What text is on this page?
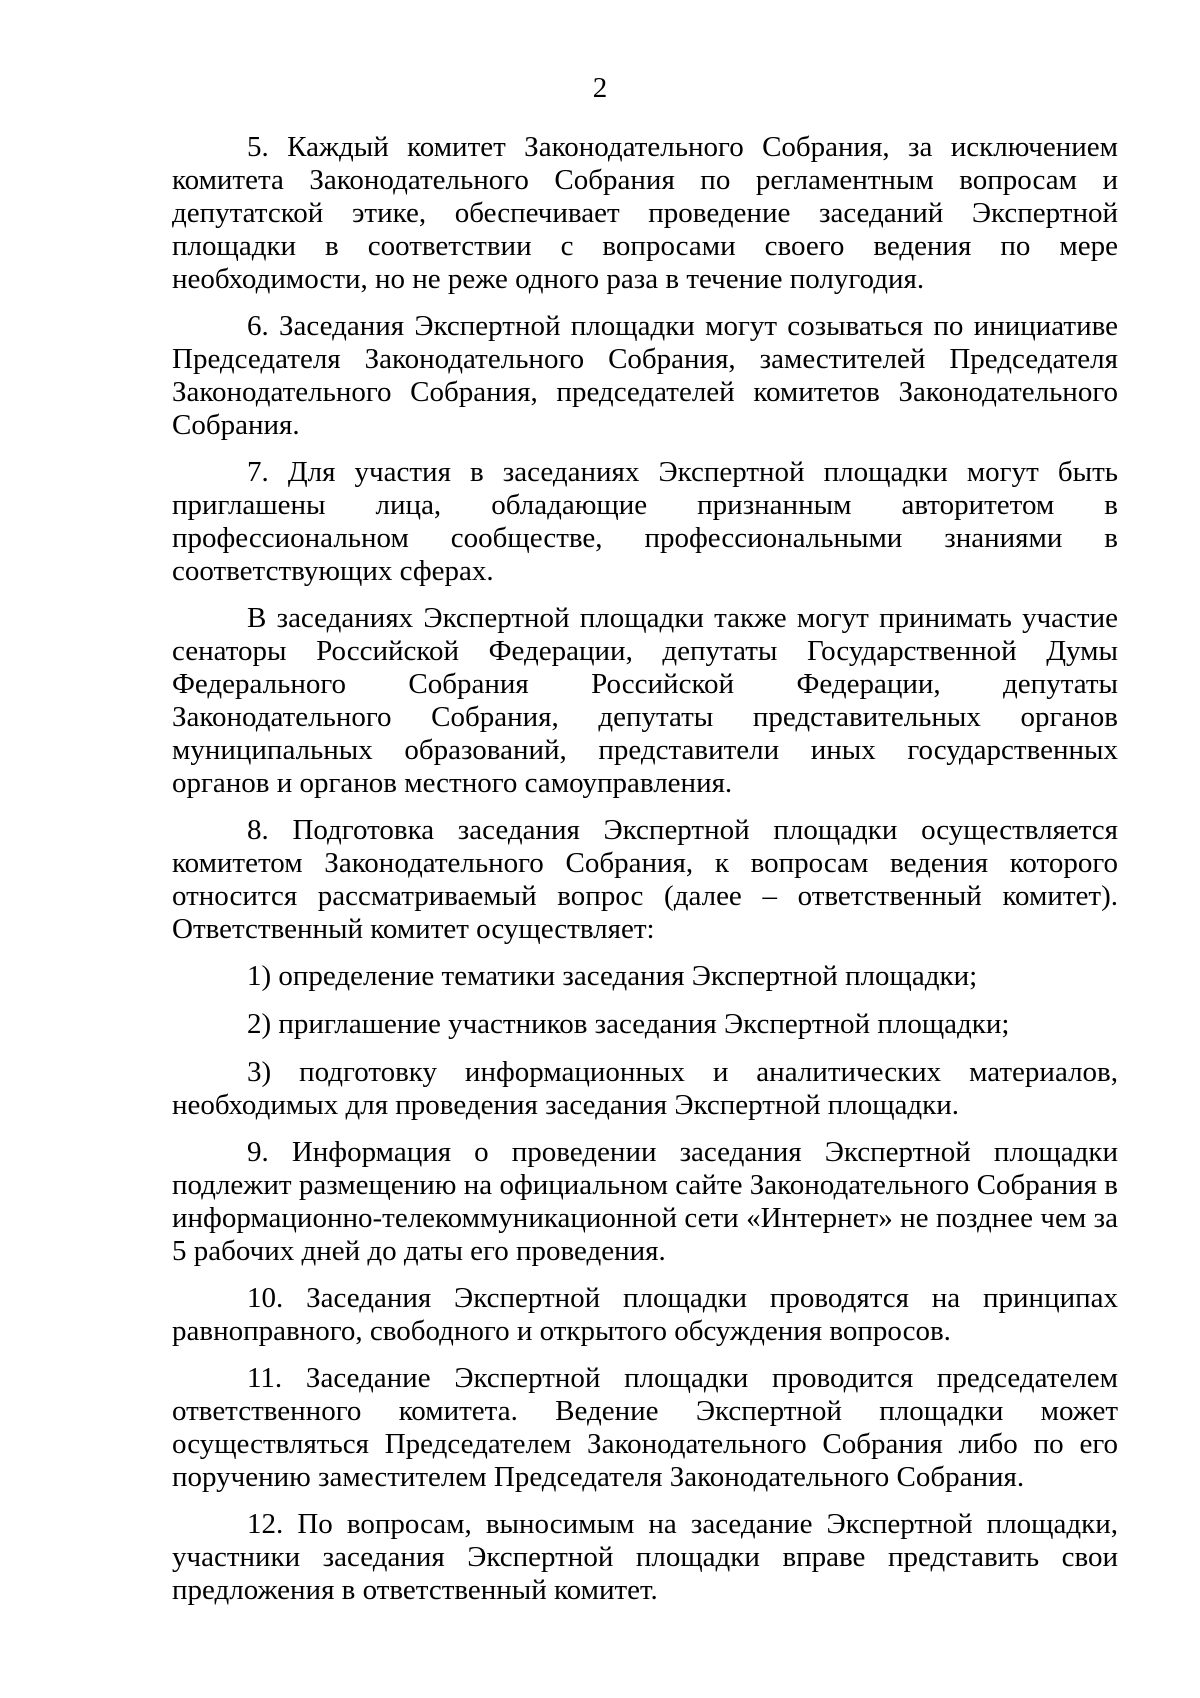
2

5. Каждый комитет Законодательного Собрания, за исключением комитета Законодательного Собрания по регламентным вопросам и депутатской этике, обеспечивает проведение заседаний Экспертной площадки в соответствии с вопросами своего ведения по мере необходимости, но не реже одного раза в течение полугодия.

6. Заседания Экспертной площадки могут созываться по инициативе Председателя Законодательного Собрания, заместителей Председателя Законодательного Собрания, председателей комитетов Законодательного Собрания.

7. Для участия в заседаниях Экспертной площадки могут быть приглашены лица, обладающие признанным авторитетом в профессиональном сообществе, профессиональными знаниями в соответствующих сферах.

В заседаниях Экспертной площадки также могут принимать участие сенаторы Российской Федерации, депутаты Государственной Думы Федерального Собрания Российской Федерации, депутаты Законодательного Собрания, депутаты представительных органов муниципальных образований, представители иных государственных органов и органов местного самоуправления.

8. Подготовка заседания Экспертной площадки осуществляется комитетом Законодательного Собрания, к вопросам ведения которого относится рассматриваемый вопрос (далее – ответственный комитет). Ответственный комитет осуществляет:

1) определение тематики заседания Экспертной площадки;

2) приглашение участников заседания Экспертной площадки;

3) подготовку информационных и аналитических материалов, необходимых для проведения заседания Экспертной площадки.

9. Информация о проведении заседания Экспертной площадки подлежит размещению на официальном сайте Законодательного Собрания в информационно-телекоммуникационной сети «Интернет» не позднее чем за 5 рабочих дней до даты его проведения.

10. Заседания Экспертной площадки проводятся на принципах равноправного, свободного и открытого обсуждения вопросов.

11. Заседание Экспертной площадки проводится председателем ответственного комитета. Ведение Экспертной площадки может осуществляться Председателем Законодательного Собрания либо по его поручению заместителем Председателя Законодательного Собрания.

12. По вопросам, выносимым на заседание Экспертной площадки, участники заседания Экспертной площадки вправе представить свои предложения в ответственный комитет.
